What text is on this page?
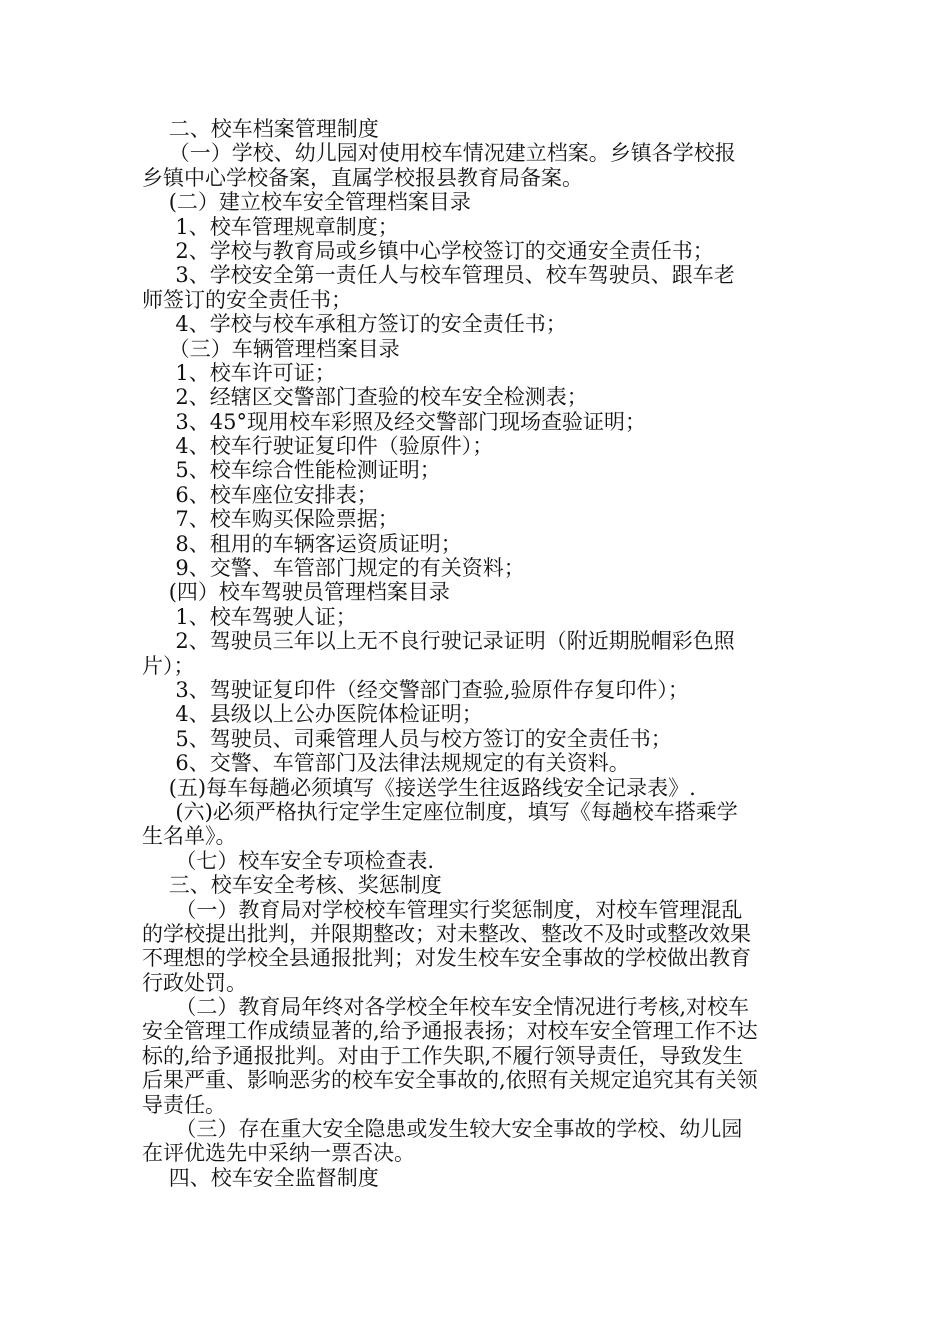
二、校车档案管理制度
（一）学校、幼儿园对使用校车情况建立档案。乡镇各学校报
乡镇中心学校备案，直属学校报县教育局备案。
(二）建立校车安全管理档案目录
1、校车管理规章制度；
2、学校与教育局或乡镇中心学校签订的交通安全责任书；
3、学校安全第一责任人与校车管理员、校车驾驶员、跟车老
师签订的安全责任书；
4、学校与校车承租方签订的安全责任书；
（三）车辆管理档案目录
1、校车许可证；
2、经辖区交警部门查验的校车安全检测表；
3、45°现用校车彩照及经交警部门现场查验证明；
4、校车行驶证复印件（验原件）；
5、校车综合性能检测证明；
6、校车座位安排表；
7、校车购买保险票据；
8、租用的车辆客运资质证明；
9、交警、车管部门规定的有关资料；
(四）校车驾驶员管理档案目录
1、校车驾驶人证；
2、驾驶员三年以上无不良行驶记录证明（附近期脱帽彩色照
片）；
3、驾驶证复印件（经交警部门查验,验原件存复印件）；
4、县级以上公办医院体检证明；
5、驾驶员、司乘管理人员与校方签订的安全责任书；
6、交警、车管部门及法律法规规定的有关资料。
(五)每车每趟必须填写《接送学生往返路线安全记录表》.
(六)必须严格执行定学生定座位制度，填写《每趟校车搭乘学
生名单》。
（七）校车安全专项检查表.
三、校车安全考核、奖惩制度
（一）教育局对学校校车管理实行奖惩制度，对校车管理混乱
的学校提出批判，并限期整改；对未整改、整改不及时或整改效果
不理想的学校全县通报批判；对发生校车安全事故的学校做出教育
行政处罚。
（二）教育局年终对各学校全年校车安全情况进行考核,对校车
安全管理工作成绩显著的,给予通报表扬；对校车安全管理工作不达
标的,给予通报批判。对由于工作失职,不履行领导责任，导致发生
后果严重、影响恶劣的校车安全事故的,依照有关规定追究其有关领
导责任。
（三）存在重大安全隐患或发生较大安全事故的学校、幼儿园
在评优选先中采纳一票否决。
四、校车安全监督制度
